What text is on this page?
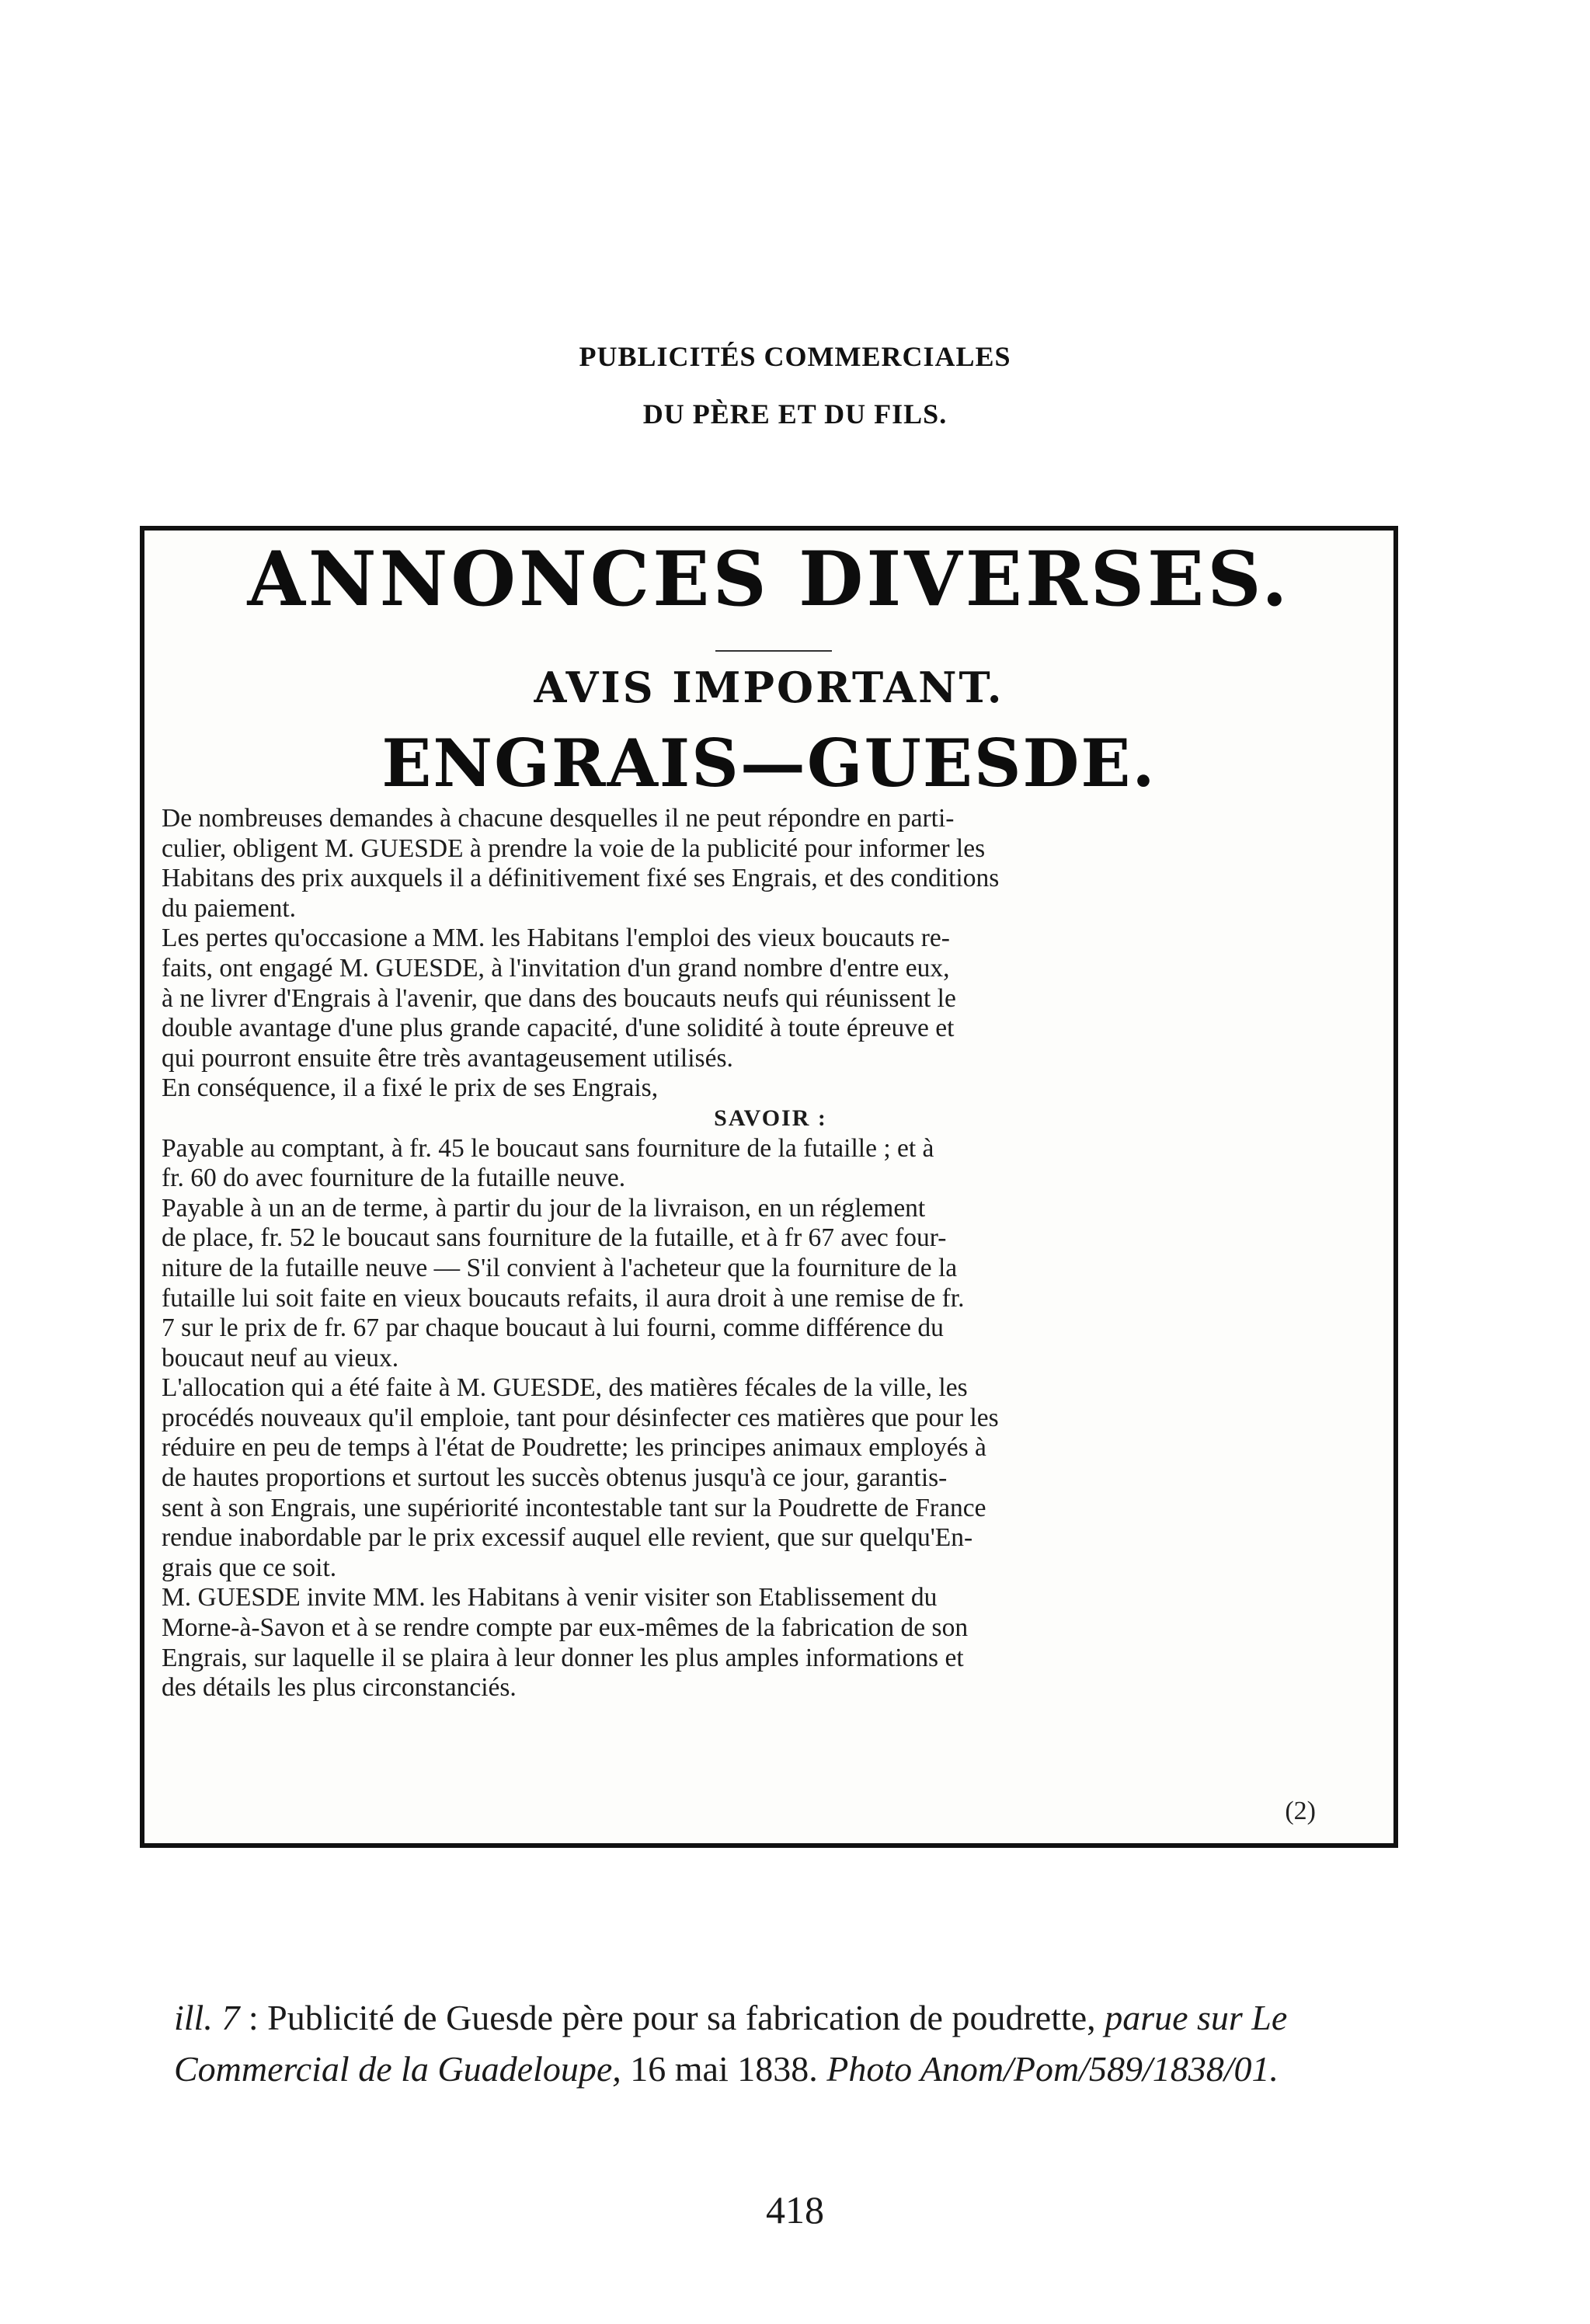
PUBLICITÉS COMMERCIALES
DU PÈRE ET DU FILS.
ANNONCES DIVERSES.
AVIS IMPORTANT.
ENGRAIS—GUESDE.
De nombreuses demandes à chacune desquelles il ne peut répondre en parti-
culier, obligent M. GUESDE à prendre la voie de la publicité pour informer les
Habitans des prix auxquels il a définitivement fixé ses Engrais, et des conditions
du paiement.
Les pertes qu'occasione a MM. les Habitans l'emploi des vieux boucauts re-
faits, ont engagé M. GUESDE, à l'invitation d'un grand nombre d'entre eux,
à ne livrer d'Engrais à l'avenir, que dans des boucauts neufs qui réunissent le
double avantage d'une plus grande capacité, d'une solidité à toute épreuve et
qui pourront ensuite être très avantageusement utilisés.
En conséquence, il a fixé le prix de ses Engrais,
SAVOIR :
Payable au comptant, à fr. 45 le boucaut sans fourniture de la futaille ; et à
fr. 60 do avec fourniture de la futaille neuve.
Payable à un an de terme, à partir du jour de la livraison, en un réglement
de place, fr. 52 le boucaut sans fourniture de la futaille, et à fr 67 avec four-
niture de la futaille neuve — S'il convient à l'acheteur que la fourniture de la
futaille lui soit faite en vieux boucauts refaits, il aura droit à une remise de fr.
7 sur le prix de fr. 67 par chaque boucaut à lui fourni, comme différence du
boucaut neuf au vieux.
L'allocation qui a été faite à M. GUESDE, des matières fécales de la ville, les
procédés nouveaux qu'il emploie, tant pour désinfecter ces matières que pour les
réduire en peu de temps à l'état de Poudrette; les principes animaux employés à
de hautes proportions et surtout les succès obtenus jusqu'à ce jour, garantis-
sent à son Engrais, une supériorité incontestable tant sur la Poudrette de France
rendue inabordable par le prix excessif auquel elle revient, que sur quelqu'En-
grais que ce soit.
M. GUESDE invite MM. les Habitans à venir visiter son Etablissement du
Morne-à-Savon et à se rendre compte par eux-mêmes de la fabrication de son
Engrais, sur laquelle il se plaira à leur donner les plus amples informations et
des détails les plus circonstanciés.
(2)
ill. 7 : Publicité de Guesde père pour sa fabrication de poudrette, parue sur Le Commercial de la Guadeloupe, 16 mai 1838. Photo Anom/Pom/589/1838/01.
418
